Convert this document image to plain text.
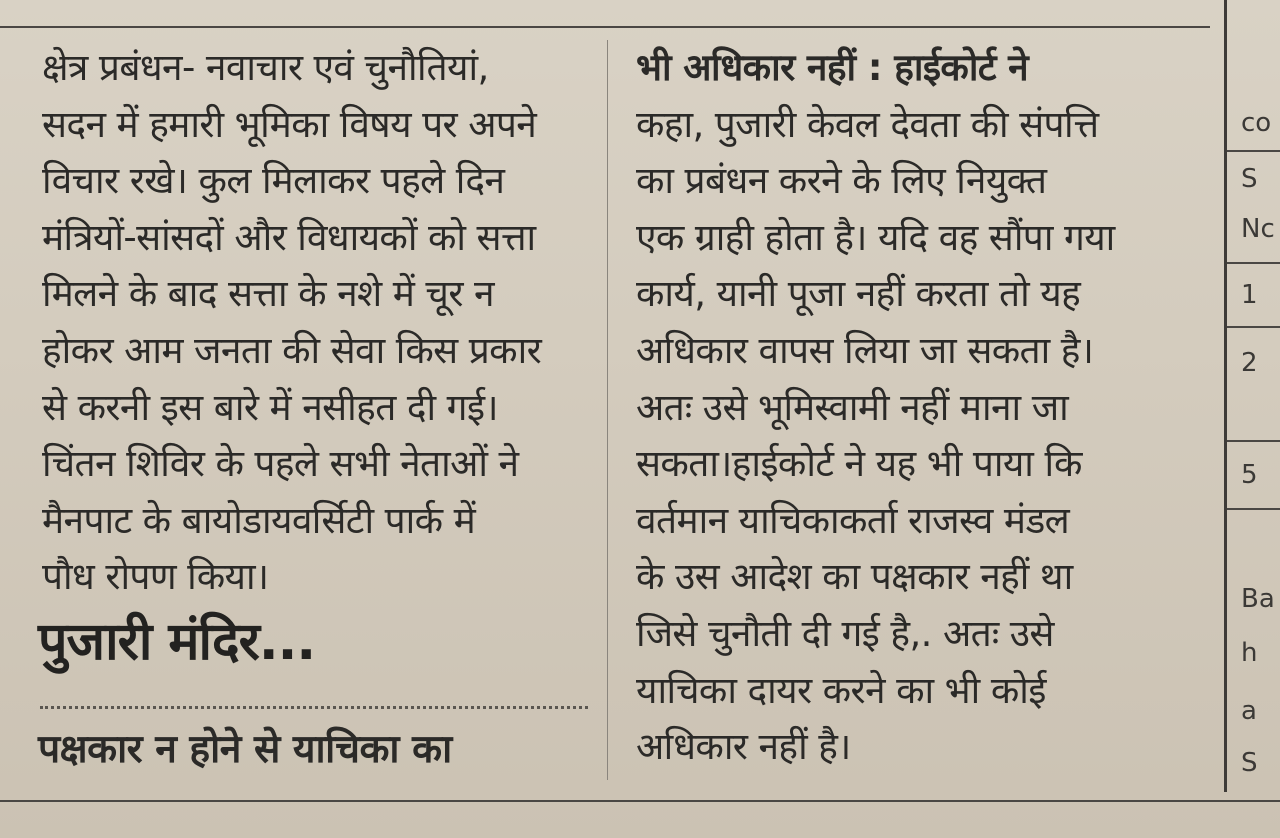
क्षेत्र प्रबंधन- नवाचार एवं चुनौतियां,
सदन में हमारी भूमिका विषय पर अपने
विचार रखे। कुल मिलाकर पहले दिन
मंत्रियों-सांसदों और विधायकों को सत्ता
मिलने के बाद सत्ता के नशे में चूर न
होकर आम जनता की सेवा किस प्रकार
से करनी इस बारे में नसीहत दी गई।
चिंतन शिविर के पहले सभी नेताओं ने
मैनपाट के बायोडायवर्सिटी पार्क में
पौध रोपण किया।
पुजारी मंदिर...
पक्षकार न होने से याचिका का
भी अधिकार नहीं : हाईकोर्ट ने
कहा, पुजारी केवल देवता की संपत्ति
का प्रबंधन करने के लिए नियुक्त
एक ग्राही होता है। यदि वह सौंपा गया
कार्य, यानी पूजा नहीं करता तो यह
अधिकार वापस लिया जा सकता है।
अतः उसे भूमिस्वामी नहीं माना जा
सकता।हाईकोर्ट ने यह भी पाया कि
वर्तमान याचिकाकर्ता राजस्व मंडल
के उस आदेश का पक्षकार नहीं था
जिसे चुनौती दी गई है,. अतः उसे
याचिका दायर करने का भी कोई
अधिकार नहीं है।
co
S
Nc
1
2
5
Ba
h
a
S
